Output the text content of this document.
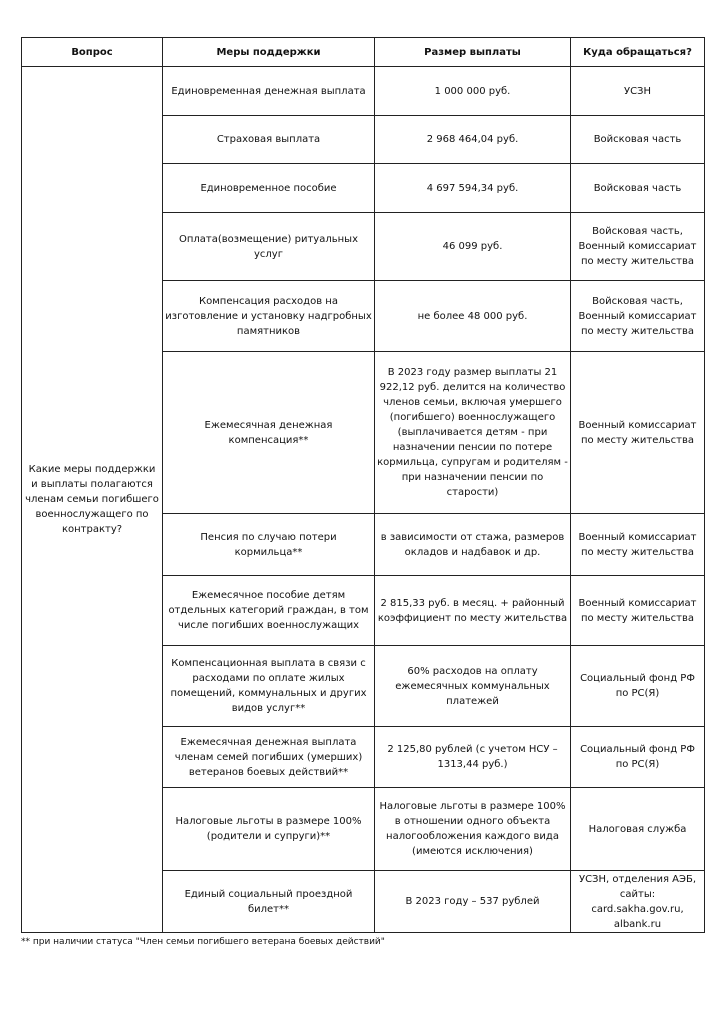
Вопрос	Меры поддержки	Размер выплаты	Куда обращаться?
Какие меры поддержки и выплаты полагаются членам семьи погибшего военнослужащего по контракту?	Единовременная денежная выплата	1 000 000 руб.	УСЗН
	Страховая выплата	2 968 464,04 руб.	Войсковая часть
	Единовременное пособие	4 697 594,34 руб.	Войсковая часть
	Оплата(возмещение) ритуальных услуг	46 099 руб.	Войсковая часть, Военный комиссариат по месту жительства
	Компенсация расходов на изготовление и установку надгробных памятников	не более 48 000 руб.	Войсковая часть, Военный комиссариат по месту жительства
	Ежемесячная денежная компенсация**	В 2023 году размер выплаты 21 922,12 руб. делится на количество членов семьи, включая умершего (погибшего) военнослужащего (выплачивается детям - при назначении пенсии по потере кормильца, супругам и родителям - при назначении пенсии по старости)	Военный комиссариат по месту жительства
	Пенсия по случаю потери кормильца**	в зависимости от стажа, размеров окладов и надбавок и др.	Военный комиссариат по месту жительства
	Ежемесячное пособие детям отдельных категорий граждан, в том числе погибших военнослужащих	2 815,33 руб. в месяц. + районный коэффициент по месту жительства	Военный комиссариат по месту жительства
	Компенсационная выплата в связи с расходами по оплате жилых помещений, коммунальных и других видов услуг**	60% расходов на оплату ежемесячных коммунальных платежей	Социальный фонд РФ по РС(Я)
	Ежемесячная денежная выплата членам семей погибших (умерших) ветеранов боевых действий**	2 125,80 рублей (с учетом НСУ – 1313,44 руб.)	Социальный фонд РФ по РС(Я)
	Налоговые льготы в размере 100% (родители и супруги)**	Налоговые льготы в размере 100% в отношении одного объекта налогообложения каждого вида (имеются исключения)	Налоговая служба
	Единый социальный проездной билет**	В 2023 году – 537 рублей	УСЗН, отделения АЭБ, сайты: card.sakha.gov.ru, albank.ru
** при наличии статуса "Член семьи погибшего ветерана боевых действий"
